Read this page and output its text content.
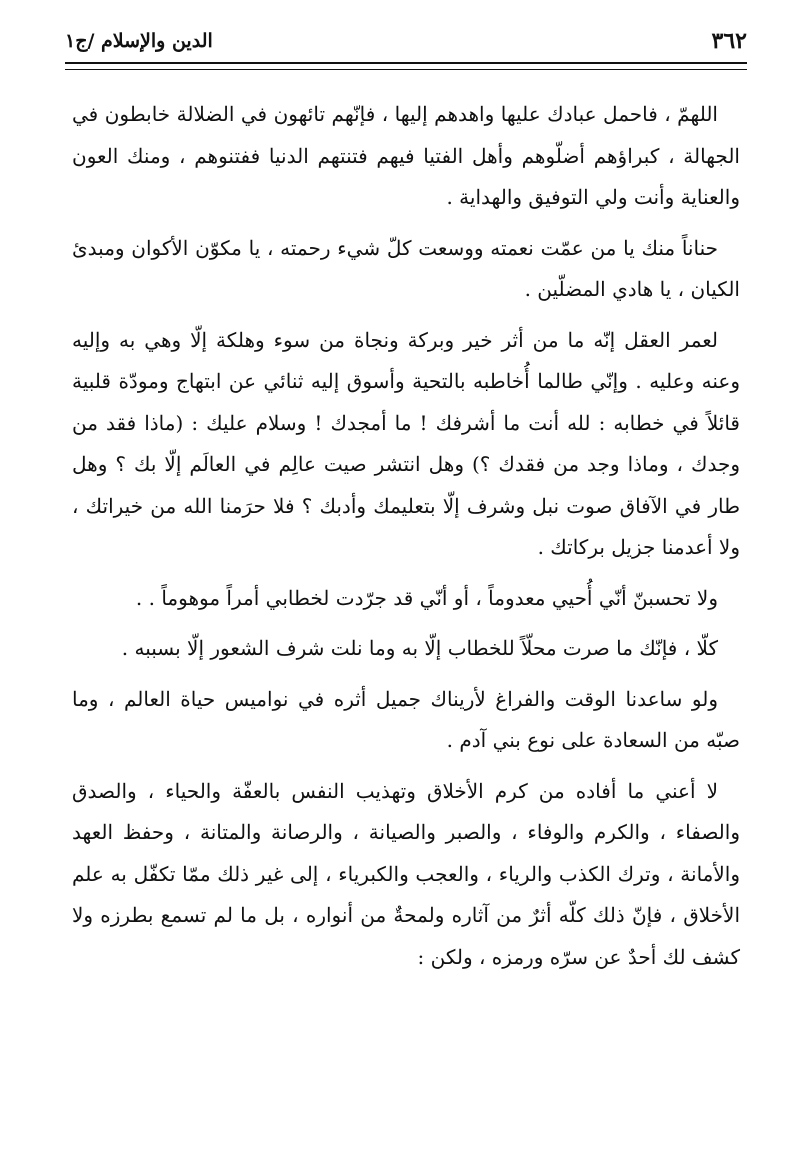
٣٦٢
الدين والإسلام /ج١

اللهمّ ، فاحمل عبادك عليها واهدهم إليها ، فإنّهم تائهون في الضلالة خابطون في الجهالة ، كبراؤهم أضلّوهم وأهل الفتيا فيهم فتنتهم الدنيا ففتنوهم ، ومنك العون والعناية وأنت ولي التوفيق والهداية .

حناناً منك يا من عمّت نعمته ووسعت كلّ شيء رحمته ، يا مكوّن الأكوان ومبدئ الكيان ، يا هادي المضلّين .

لعمر العقل إنّه ما من أثر خير وبركة ونجاة من سوء وهلكة إلّا وهي به وإليه وعنه وعليه . وإنّي طالما أُخاطبه بالتحية وأسوق إليه ثنائي عن ابتهاج ومودّة قلبية قائلاً في خطابه : لله أنت ما أشرفك ! ما أمجدك ! وسلام عليك : (ماذا فقد من وجدك ، وماذا وجد من فقدك ؟) وهل انتشر صيت عالِم في العالَم إلّا بك ؟ وهل طار في الآفاق صوت نبل وشرف إلّا بتعليمك وأدبك ؟ فلا حرَمنا الله من خيراتك ، ولا أعدمنا جزيل بركاتك .

ولا تحسبنّ أنّي أُحيي معدوماً ، أو أنّي قد جرّدت لخطابي أمراً موهوماً . .

كلّا ، فإنّك ما صرت محلّاً للخطاب إلّا به وما نلت شرف الشعور إلّا بسببه .

ولو ساعدنا الوقت والفراغ لأريناك جميل أثره في نواميس حياة العالم ، وما صبّه من السعادة على نوع بني آدم .

لا أعني ما أفاده من كرم الأخلاق وتهذيب النفس بالعفّة والحياء ، والصدق والصفاء ، والكرم والوفاء ، والصبر والصيانة ، والرصانة والمتانة ، وحفظ العهد والأمانة ، وترك الكذب والرياء ، والعجب والكبرياء ، إلى غير ذلك ممّا تكفّل به علم الأخلاق ، فإنّ ذلك كلّه أثرٌ من آثاره ولمحةٌ من أنواره ، بل ما لم تسمع بطرزه ولا كشف لك أحدٌ عن سرّه ورمزه ، ولكن :
